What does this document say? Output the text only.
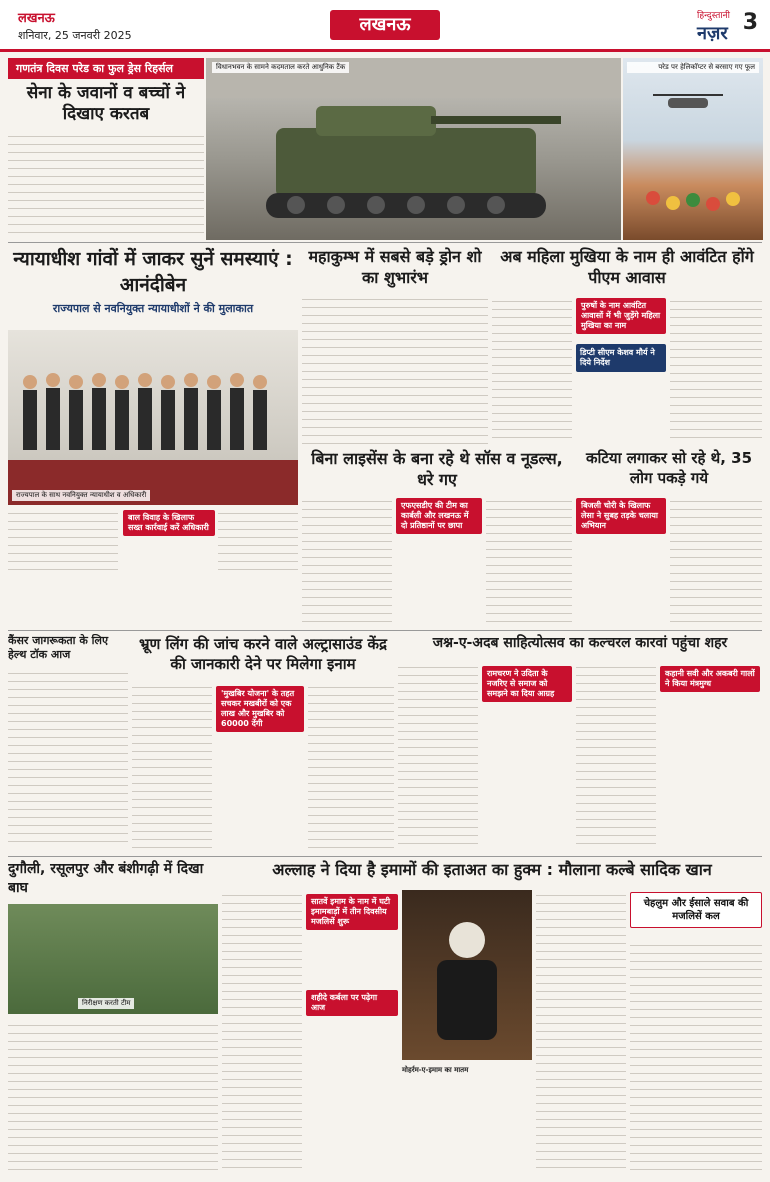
लखनऊ
शनिवार, 25 जनवरी 2025
लखनऊ	हिन्दुस्तानी
नज़र 3
गणतंत्र दिवस परेड का फुल ड्रेस रिहर्सल
सेना के जवानों व बच्चों ने दिखाए करतब
विधानभवन के सामने कदमताल करते आधुनिक टैंक	परेड पर हेलिकॉप्टर से बरसाए गए फूल
न्यायाधीश गांवों में जाकर सुनें समस्याएं : आनंदीबेन
राज्यपाल से नवनियुक्त न्यायाधीशों ने की मुलाकात
राज्यपाल के साथ नवनियुक्त न्यायाधीश व अधिकारी
बाल विवाह के खिलाफ सख्त कार्रवाई करें अधिकारी
महाकुम्भ में सबसे बड़े ड्रोन शो का शुभारंभ
अब महिला मुखिया के नाम ही आवंटित होंगे पीएम आवास
पुरुषों के नाम आवंटित आवासों में भी जुड़ेंगे महिला मुखिया का नाम
डिप्टी सीएम केशव मौर्य ने दिये निर्देश
बिना लाइसेंस के बना रहे थे सॉस व नूडल्स, धरे गए
एफएसडीए की टीम का कार्बली और लखनऊ में दो प्रतिष्ठानों पर छापा
कटिया लगाकर सो रहे थे, 35 लोग पकड़े गये
बिजली चोरी के खिलाफ लेसा ने सुबह तड़के चलाया अभियान
कैंसर जागरूकता के लिए हेल्थ टॉक आज
भ्रूण लिंग की जांच करने वाले अल्ट्रासाउंड केंद्र की जानकारी देने पर मिलेगा इनाम
'मुखबिर योजना' के तहत सचकर मखबीरों को एक लाख और मुखबिर को 60000 देंगी
जश्न-ए-अदब साहित्योत्सव का कल्चरल कारवां पहुंचा शहर
रामचरण ने उदिता के नजरिए से समाज को समझने का दिया आग्रह
कहानी सवी और अकबरी गालों ने किया मंत्रमुग्ध
दुगौली, रसूलपुर और बंशीगढ़ी में दिखा बाघ
निरीक्षण करती टीम
अल्लाह ने दिया है इमामों की इताअत का हुक्म : मौलाना कल्बे सादिक खान
सातवें इमाम के नाम में घटी इमामबाड़ों में तीन दिवसीय मजलिसें शुरू
शहीदे कर्बला पर पढ़ेगा आज
चेहलुम और ईसाले सवाब की मजलिसें कल
मोहर्रम-ए-इमाम का मातम
